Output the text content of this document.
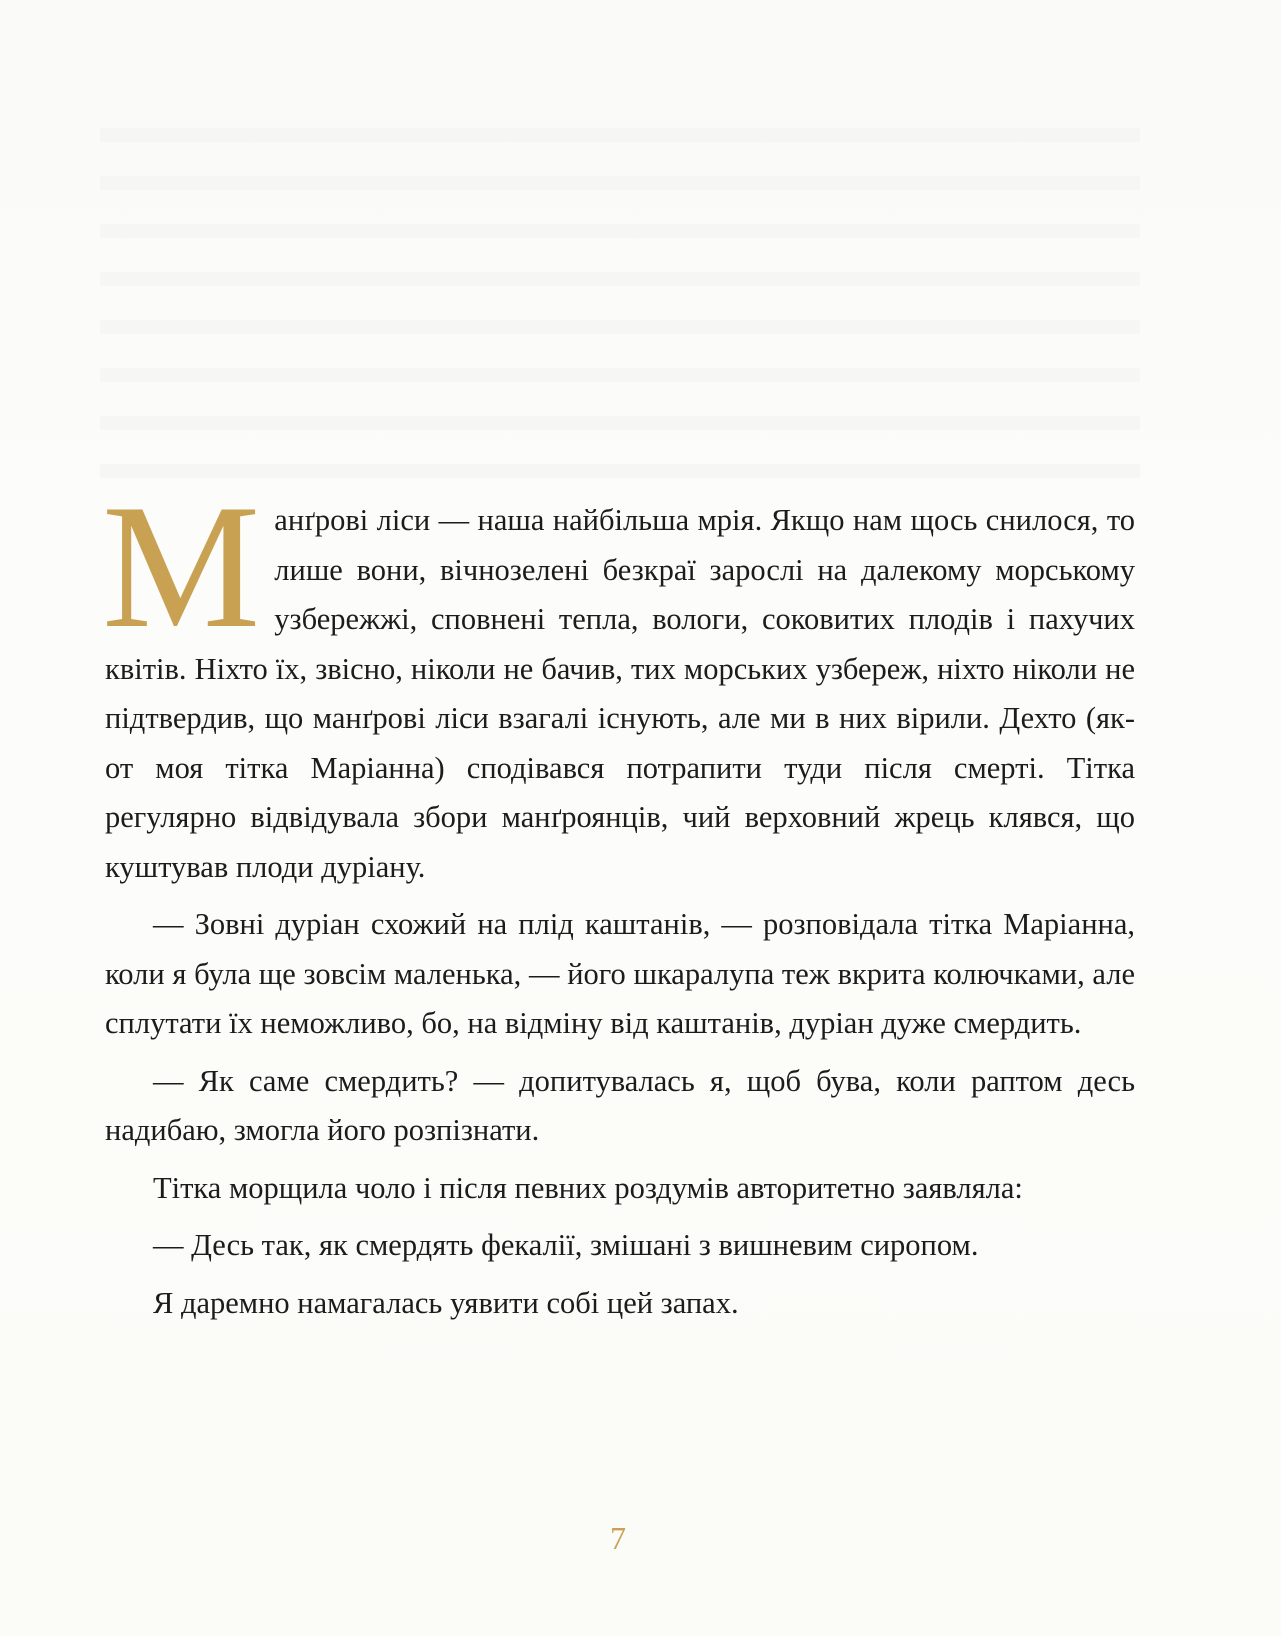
Манґрові ліси — наша найбільша мрія. Якщо нам щось снилося, то лише вони, вічнозелені безкраї зарослі на далекому морському узбережжі, сповнені тепла, вологи, соковитих плодів і пахучих квітів. Ніхто їх, звісно, ніколи не бачив, тих морських узбереж, ніхто ніколи не підтвердив, що манґрові ліси взагалі існують, але ми в них вірили. Дехто (як-от моя тітка Маріанна) сподівався потрапити туди після смерті. Тітка регулярно відвідувала збори манґроянців, чий верховний жрець клявся, що куштував плоди дуріану.

— Зовні дуріан схожий на плід каштанів, — розповідала тітка Маріанна, коли я була ще зовсім маленька, — його шкаралупа теж вкрита колючками, але сплутати їх неможливо, бо, на відміну від каштанів, дуріан дуже смердить.

— Як саме смердить? — допитувалась я, щоб бува, коли раптом десь надибаю, змогла його розпізнати.

Тітка морщила чоло і після певних роздумів авторитетно заявляла:

— Десь так, як смердять фекалії, змішані з вишневим сиропом.

Я даремно намагалась уявити собі цей запах.

7
